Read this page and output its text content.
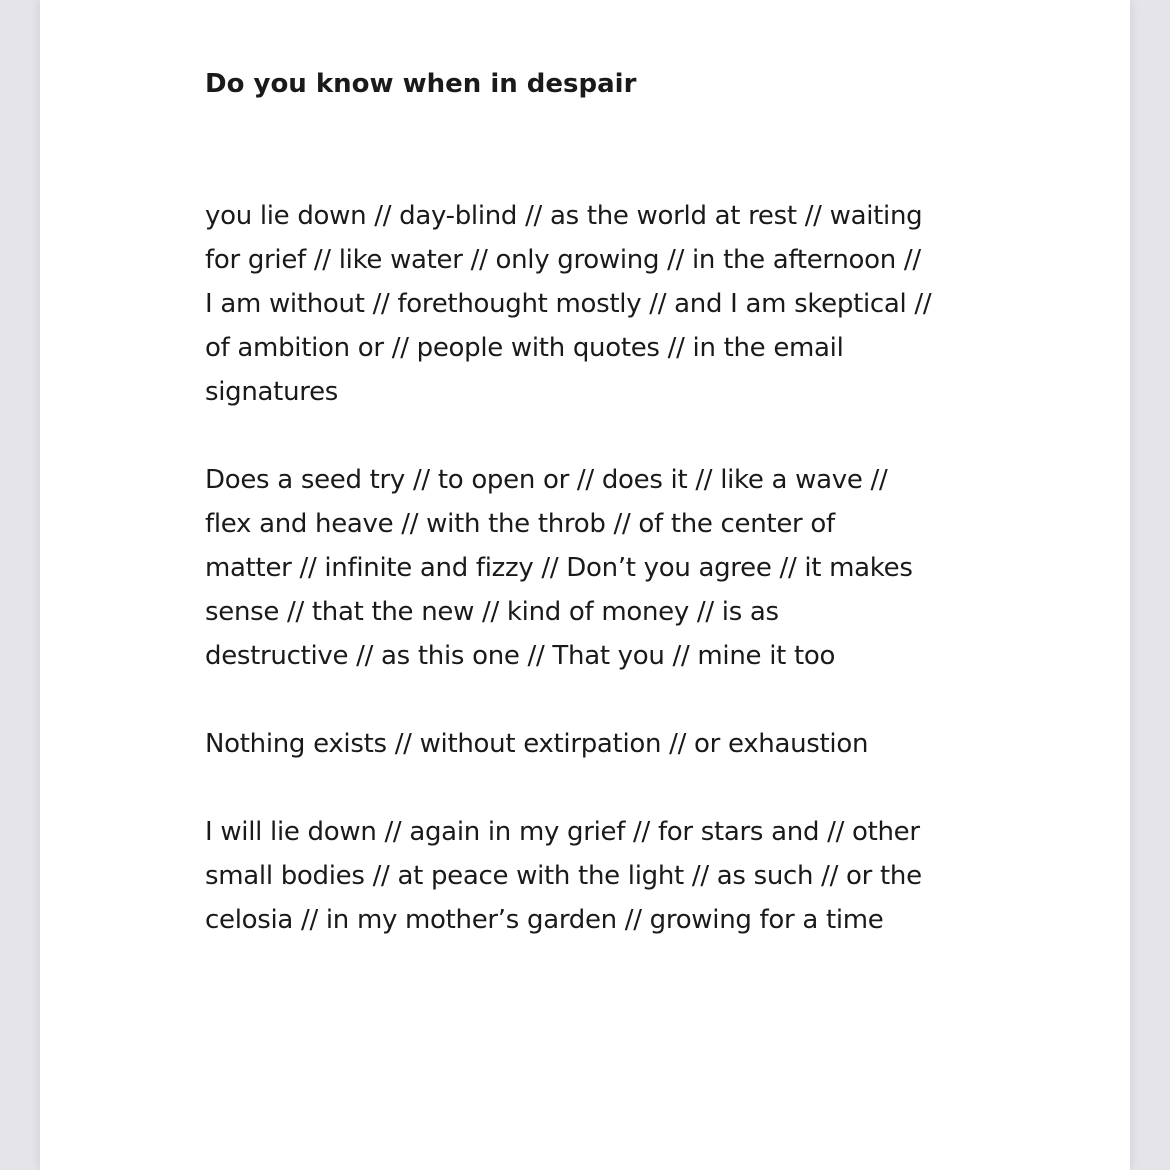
Do you know when in despair
you lie down // day-blind // as the world at rest // waiting
for grief // like water // only growing // in the afternoon //
I am without // forethought mostly // and I am skeptical //
of ambition or // people with quotes // in the email
signatures
Does a seed try // to open or // does it // like a wave //
flex and heave // with the throb // of the center of
matter // infinite and fizzy // Don’t you agree // it makes
sense // that the new // kind of money // is as
destructive // as this one // That you // mine it too
Nothing exists // without extirpation // or exhaustion
I will lie down // again in my grief // for stars and // other
small bodies // at peace with the light // as such // or the
celosia // in my mother’s garden // growing for a time
